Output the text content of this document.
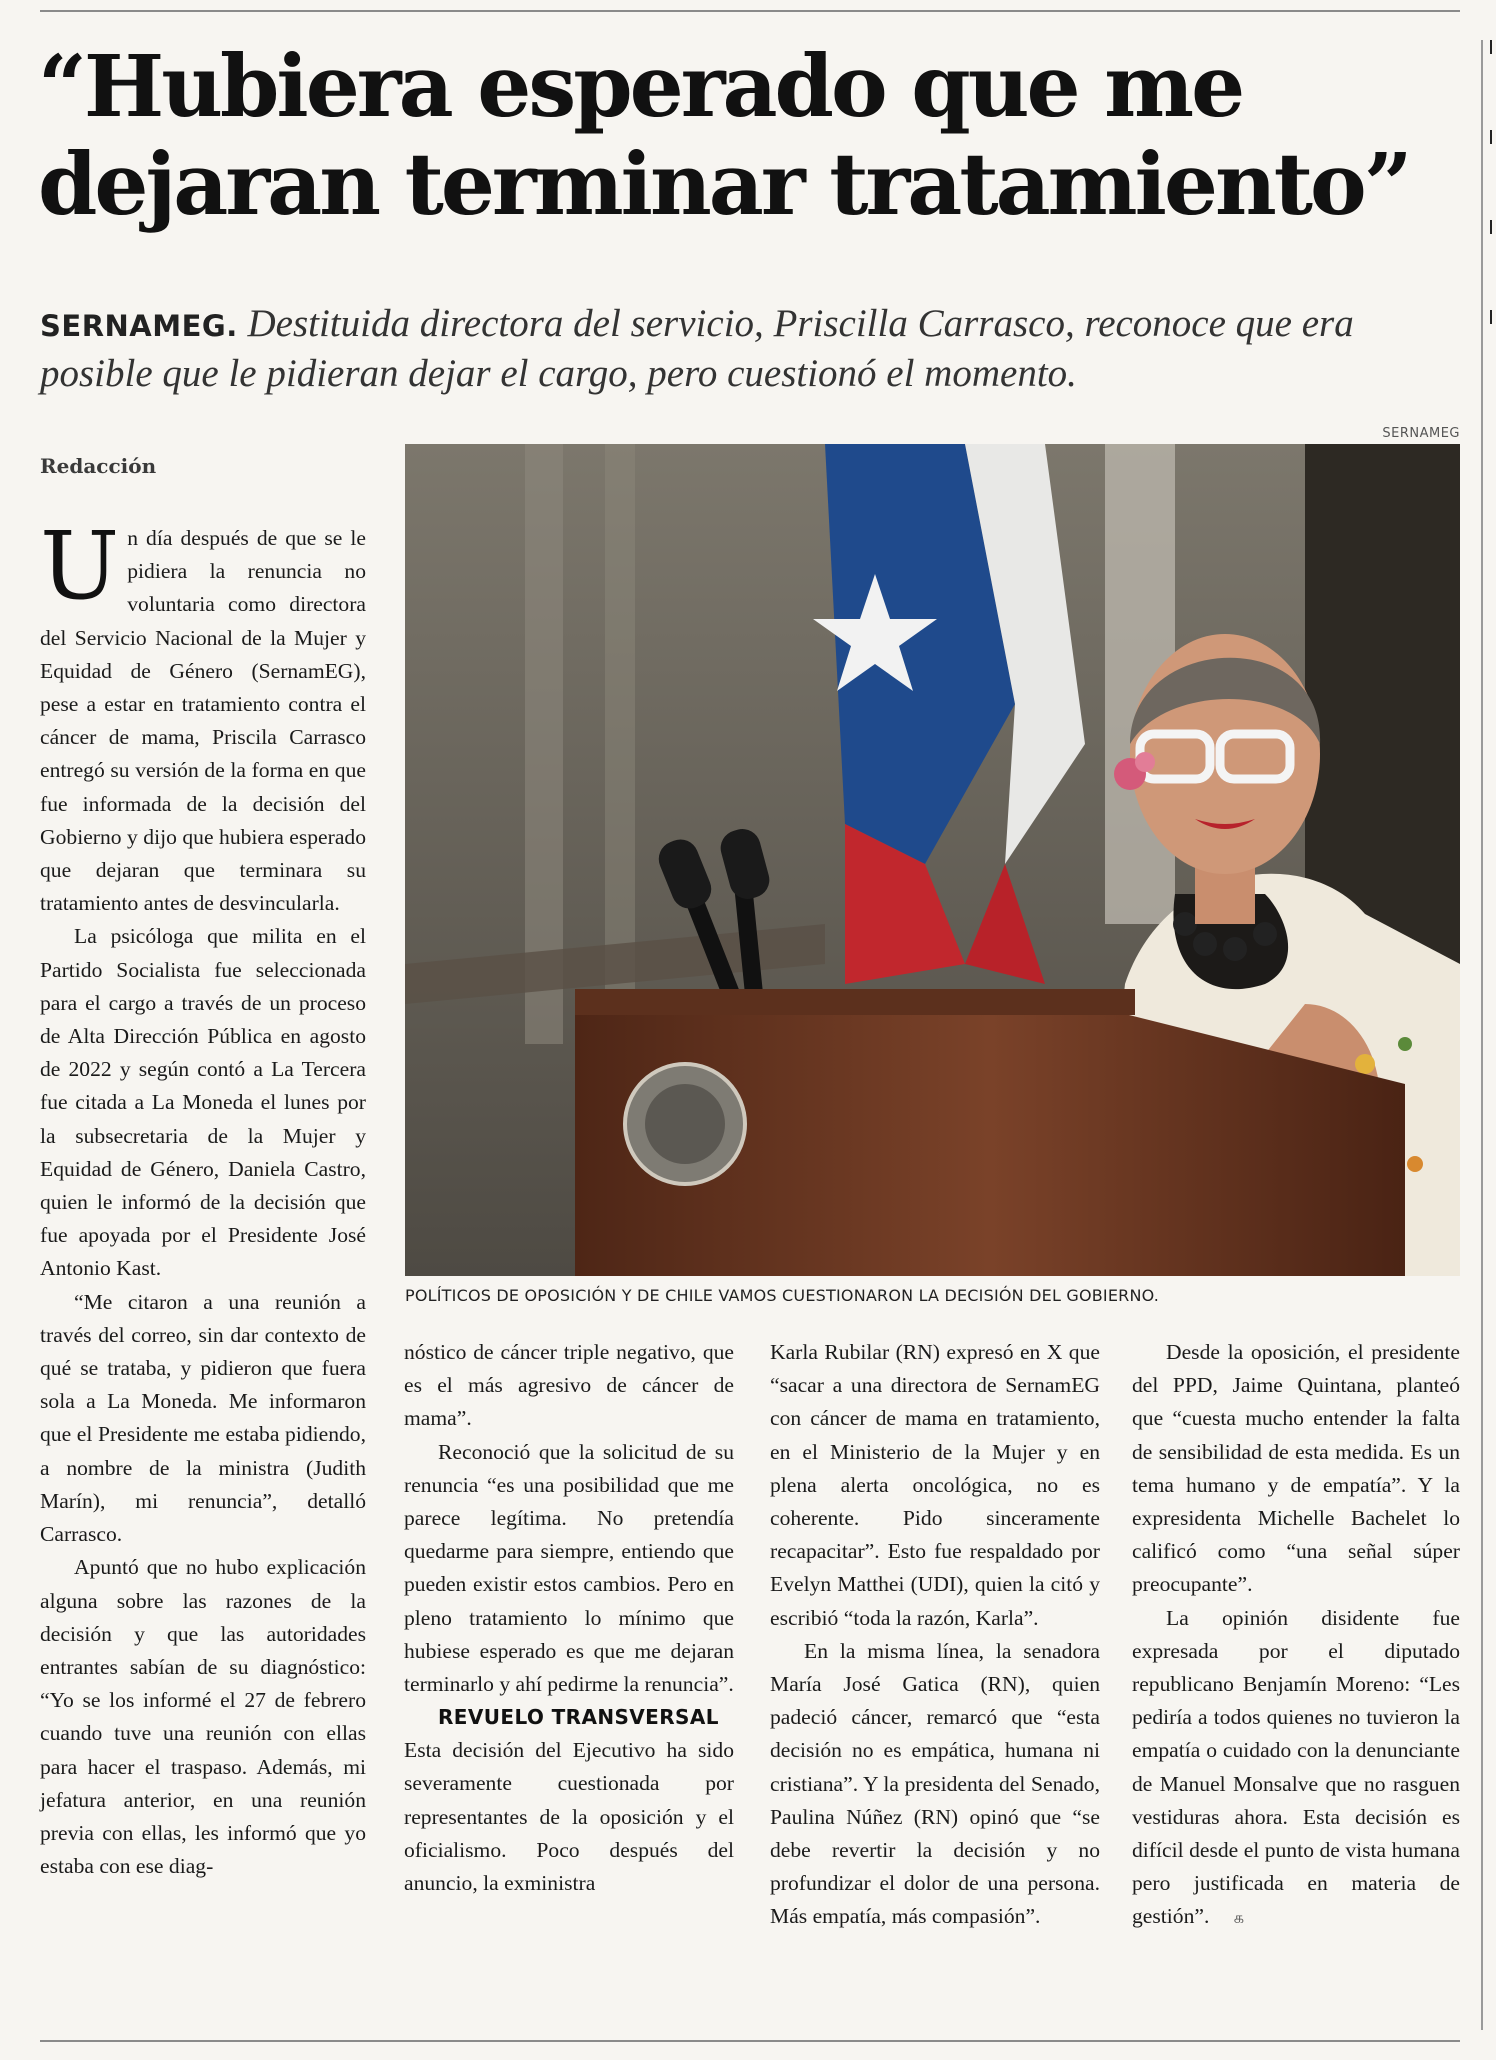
“Hubiera esperado que me dejaran terminar tratamiento”
SERNAMEG. Destituida directora del servicio, Priscilla Carrasco, reconoce que era posible que le pidieran dejar el cargo, pero cuestionó el momento.
SERNAMEG
POLÍTICOS DE OPOSICIÓN Y DE CHILE VAMOS CUESTIONARON LA DECISIÓN DEL GOBIERNO.
Redacción

Un día después de que se le pidiera la renuncia no voluntaria como directora del Servicio Nacional de la Mujer y Equidad de Género (SernamEG), pese a estar en tratamiento contra el cáncer de mama, Priscila Carrasco entregó su versión de la forma en que fue informada de la decisión del Gobierno y dijo que hubiera esperado que dejaran que terminara su tratamiento antes de desvincularla.

La psicóloga que milita en el Partido Socialista fue seleccionada para el cargo a través de un proceso de Alta Dirección Pública en agosto de 2022 y según contó a La Tercera fue citada a La Moneda el lunes por la subsecretaria de la Mujer y Equidad de Género, Daniela Castro, quien le informó de la decisión que fue apoyada por el Presidente José Antonio Kast.

“Me citaron a una reunión a través del correo, sin dar contexto de qué se trataba, y pidieron que fuera sola a La Moneda. Me informaron que el Presidente me estaba pidiendo, a nombre de la ministra (Judith Marín), mi renuncia”, detalló Carrasco.

Apuntó que no hubo explicación alguna sobre las razones de la decisión y que las autoridades entrantes sabían de su diagnóstico: “Yo se los informé el 27 de febrero cuando tuve una reunión con ellas para hacer el traspaso. Además, mi jefatura anterior, en una reunión previa con ellas, les informó que yo estaba con ese diag-

nóstico de cáncer triple negativo, que es el más agresivo de cáncer de mama”.

Reconoció que la solicitud de su renuncia “es una posibilidad que me parece legítima. No pretendía quedarme para siempre, entiendo que pueden existir estos cambios. Pero en pleno tratamiento lo mínimo que hubiese esperado es que me dejaran terminarlo y ahí pedirme la renuncia”.

REVUELO TRANSVERSAL

Esta decisión del Ejecutivo ha sido severamente cuestionada por representantes de la oposición y el oficialismo. Poco después del anuncio, la exministra

Karla Rubilar (RN) expresó en X que “sacar a una directora de SernamEG con cáncer de mama en tratamiento, en el Ministerio de la Mujer y en plena alerta oncológica, no es coherente. Pido sinceramente recapacitar”. Esto fue respaldado por Evelyn Matthei (UDI), quien la citó y escribió “toda la razón, Karla”.

En la misma línea, la senadora María José Gatica (RN), quien padeció cáncer, remarcó que “esta decisión no es empática, humana ni cristiana”. Y la presidenta del Senado, Paulina Núñez (RN) opinó que “se debe revertir la decisión y no profundizar el dolor de una persona. Más empatía, más compasión”.

Desde la oposición, el presidente del PPD, Jaime Quintana, planteó que “cuesta mucho entender la falta de sensibilidad de esta medida. Es un tema humano y de empatía”. Y la expresidenta Michelle Bachelet lo calificó como “una señal súper preocupante”.

La opinión disidente fue expresada por el diputado republicano Benjamín Moreno: “Les pediría a todos quienes no tuvieron la empatía o cuidado con la denunciante de Manuel Monsalve que no rasguen vestiduras ahora. Esta decisión es difícil desde el punto de vista humana pero justificada en materia de gestión”. ௧
